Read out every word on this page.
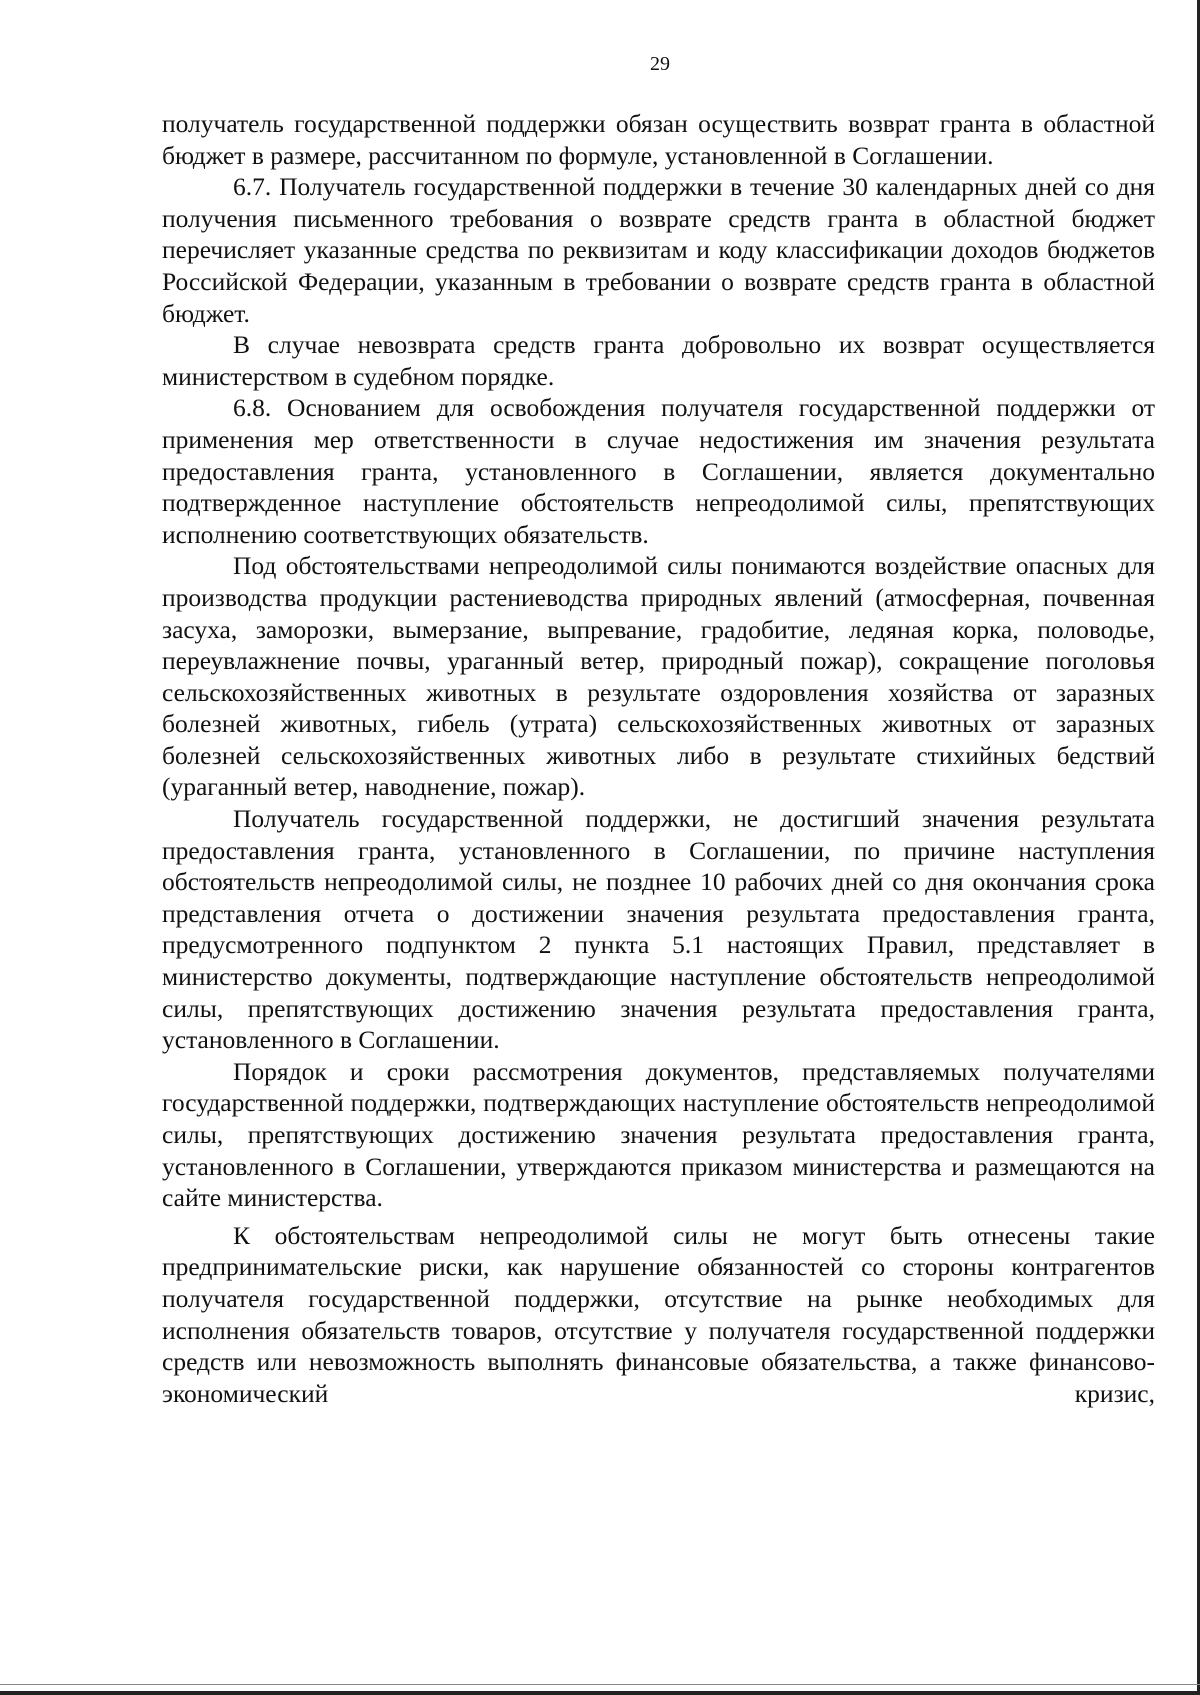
29

получатель государственной поддержки обязан осуществить возврат гранта в областной бюджет в размере, рассчитанном по формуле, установленной в Соглашении.

6.7. Получатель государственной поддержки в течение 30 календарных дней со дня получения письменного требования о возврате средств гранта в областной бюджет перечисляет указанные средства по реквизитам и коду классификации доходов бюджетов Российской Федерации, указанным в требовании о возврате средств гранта в областной бюджет.

В случае невозврата средств гранта добровольно их возврат осуществляется министерством в судебном порядке.

6.8. Основанием для освобождения получателя государственной поддержки от применения мер ответственности в случае недостижения им значения результата предоставления гранта, установленного в Соглашении, является документально подтвержденное наступление обстоятельств непреодолимой силы, препятствующих исполнению соответствующих обязательств.

Под обстоятельствами непреодолимой силы понимаются воздействие опасных для производства продукции растениеводства природных явлений (атмосферная, почвенная засуха, заморозки, вымерзание, выпревание, градобитие, ледяная корка, половодье, переувлажнение почвы, ураганный ветер, природный пожар), сокращение поголовья сельскохозяйственных животных в результате оздоровления хозяйства от заразных болезней животных, гибель (утрата) сельскохозяйственных животных от заразных болезней сельскохозяйственных животных либо в результате стихийных бедствий (ураганный ветер, наводнение, пожар).

Получатель государственной поддержки, не достигший значения результата предоставления гранта, установленного в Соглашении, по причине наступления обстоятельств непреодолимой силы, не позднее 10 рабочих дней со дня окончания срока представления отчета о достижении значения результата предоставления гранта, предусмотренного подпунктом 2 пункта 5.1 настоящих Правил, представляет в министерство документы, подтверждающие наступление обстоятельств непреодолимой силы, препятствующих достижению значения результата предоставления гранта, установленного в Соглашении.

Порядок и сроки рассмотрения документов, представляемых получателями государственной поддержки, подтверждающих наступление обстоятельств непреодолимой силы, препятствующих достижению значения результата предоставления гранта, установленного в Соглашении, утверждаются приказом министерства и размещаются на сайте министерства.

К обстоятельствам непреодолимой силы не могут быть отнесены такие предпринимательские риски, как нарушение обязанностей со стороны контрагентов получателя государственной поддержки, отсутствие на рынке необходимых для исполнения обязательств товаров, отсутствие у получателя государственной поддержки средств или невозможность выполнять финансовые обязательства, а также финансово-экономический кризис,
